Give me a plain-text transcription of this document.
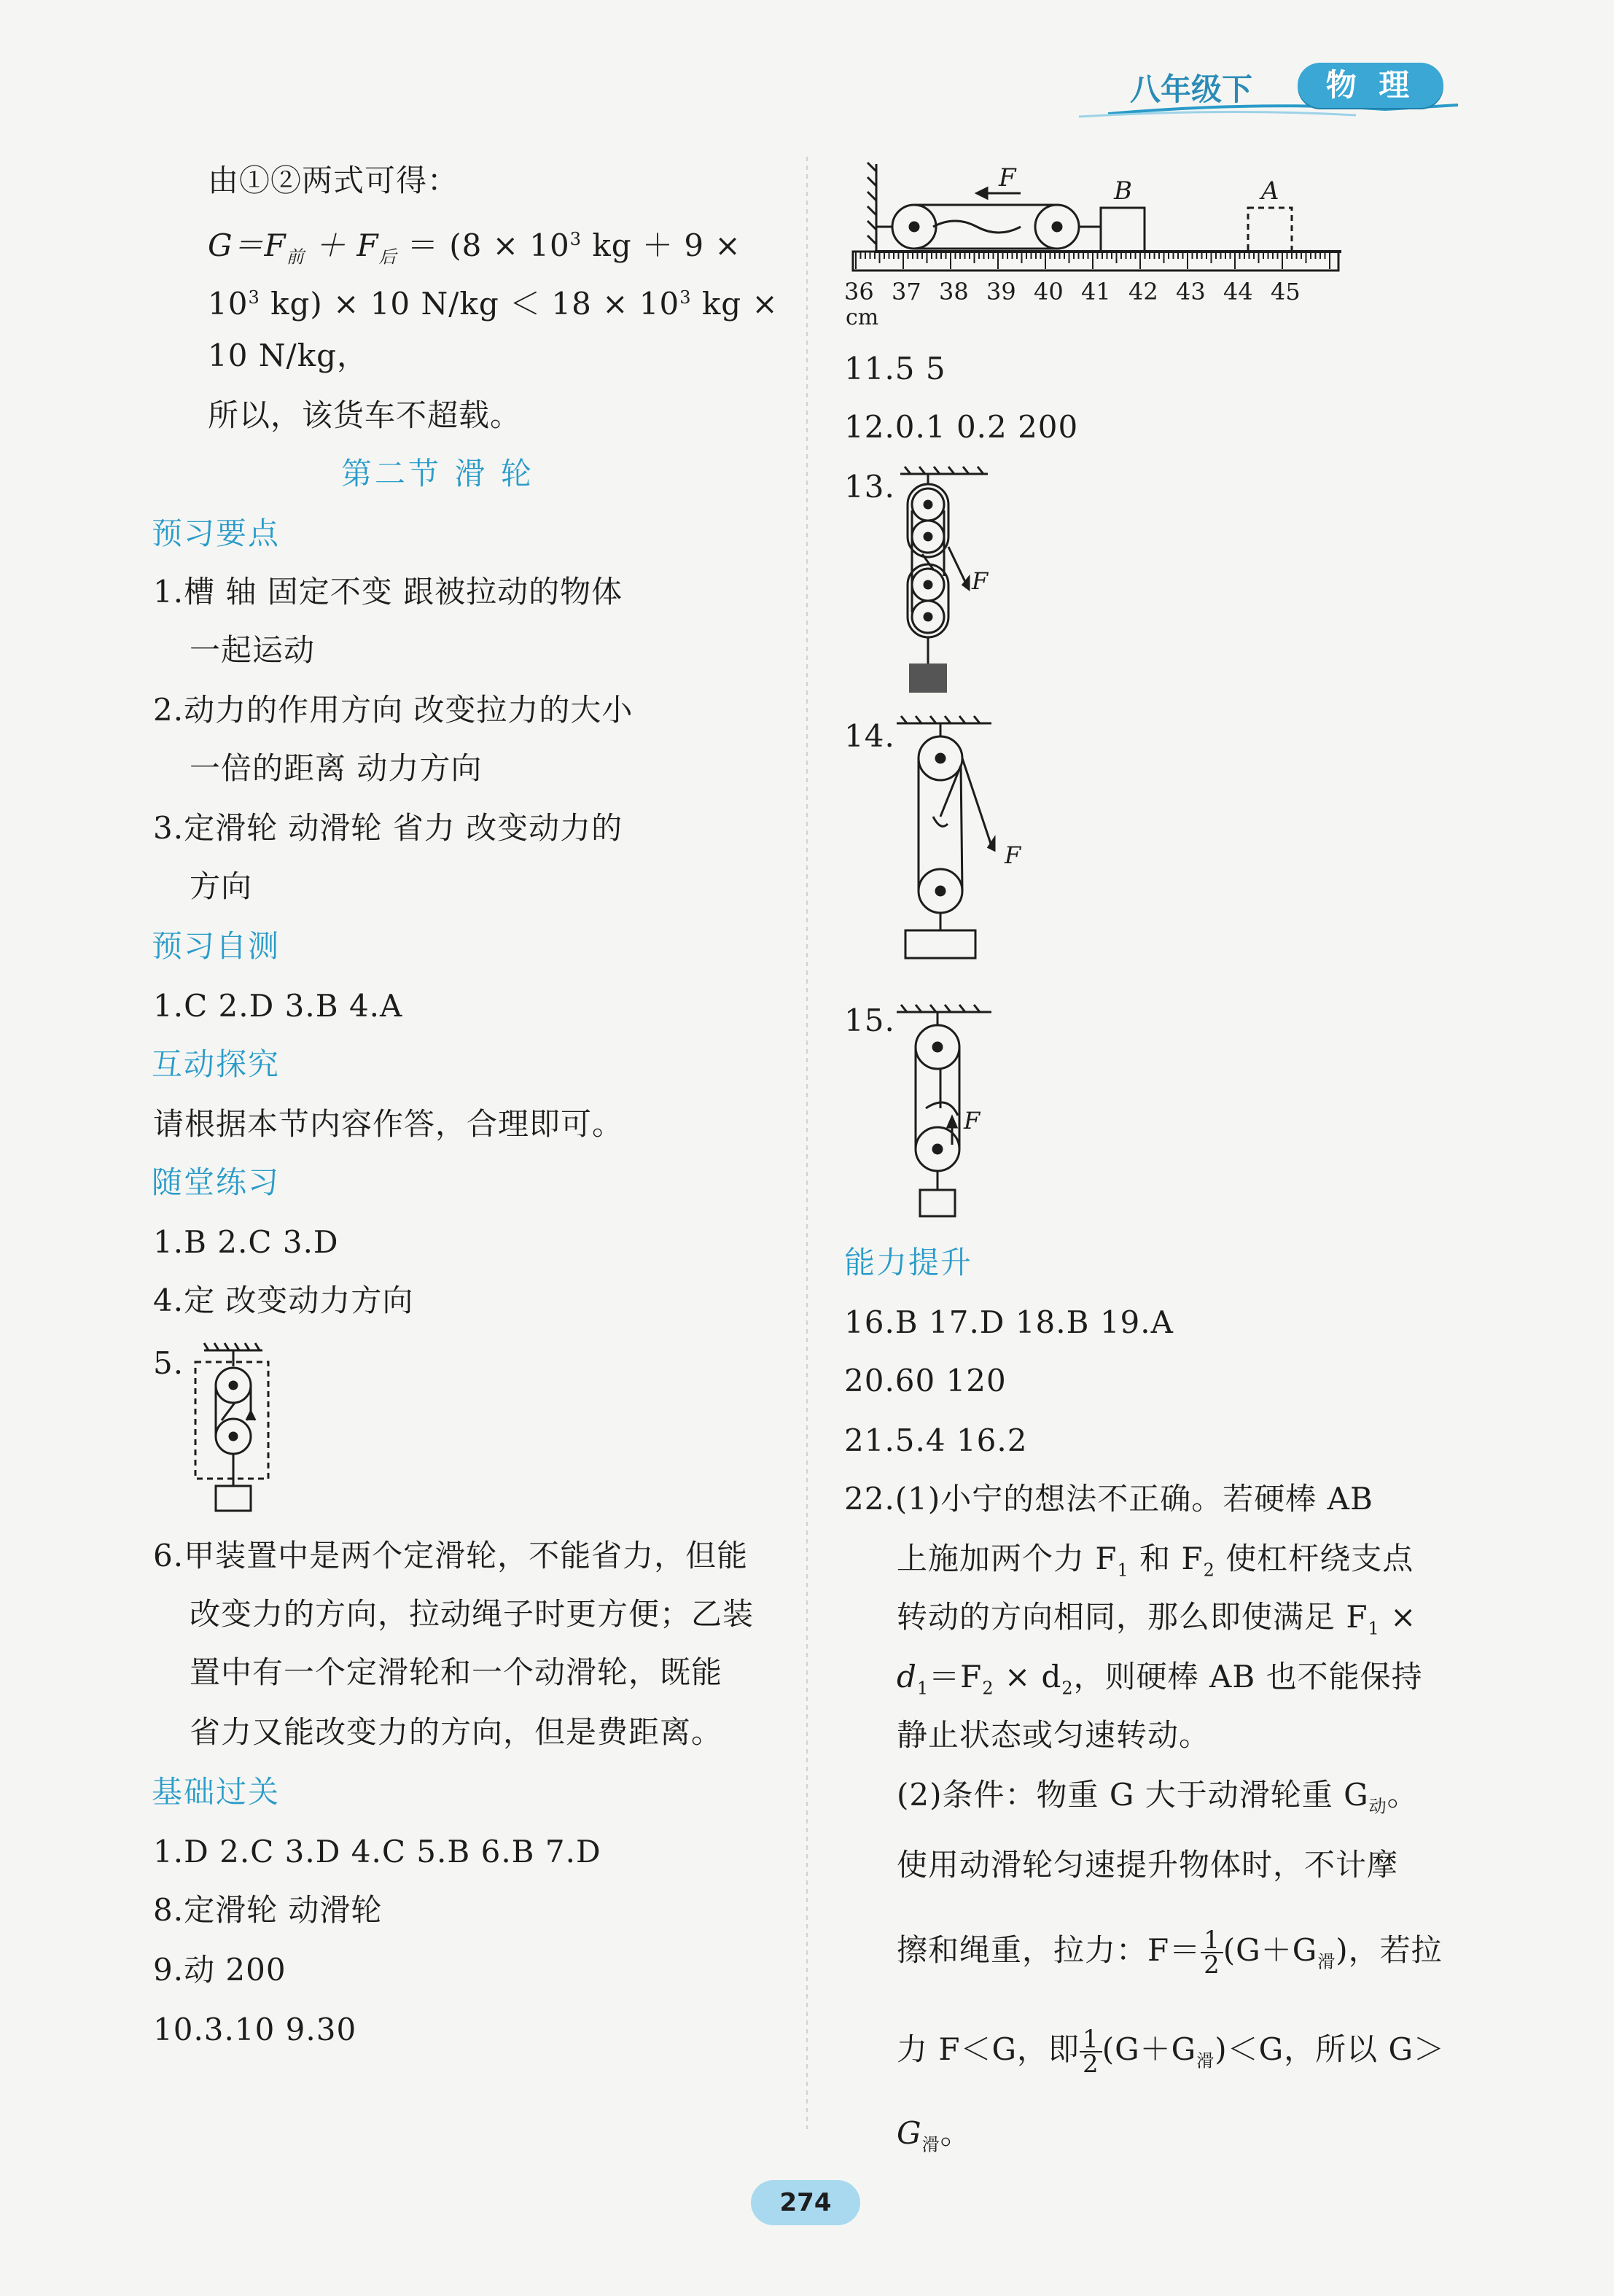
八年级下	物 理
由①②两式可得：
$G=F_前 + F_后 = (8 \times 10^3$ kg ＋ 9 ×
$10^3$ kg) × 10 $N/kg < 18 \times 10^3$ kg ×
10 N/kg，
所以，该货车不超载。
第二节 滑 轮
预习要点
1.槽 轴 固定不变 跟被拉动的物体
一起运动
2.动力的作用方向 改变拉力的大小
一倍的距离 动力方向
3.定滑轮 动滑轮 省力 改变动力的
方向
预习自测
1.C 2.D 3.B 4.A
互动探究
请根据本节内容作答，合理即可。
随堂练习
1.B 2.C 3.D
4.定 改变动力方向
5.
6.甲装置中是两个定滑轮，不能省力，但能
改变力的方向，拉动绳子时更方便；乙装
置中有一个定滑轮和一个动滑轮，既能
省力又能改变力的方向，但是费距离。
基础过关
1.D 2.C 3.D 4.C 5.B 6.B 7.D
8.定滑轮 动滑轮
9.动 200
10.3.10 9.30
F	B	A
36 37 38 39 40 41 42 43 44 45
cm
11.5 5
12.0.1 0.2 200
13.
F
14.
F
15.
F
能力提升
16.B 17.D 18.B 19.A
20.60 120
21.5.4 16.2
22.(1)小宁的想法不正确。若硬棒 AB
上施加两个力 $F_1$ 和 $F_2$ 使杠杆绕支点
转动的方向相同，那么即使满足 $F_1$ ×
$d_1=F_2 \times d_2$，则硬棒 AB 也不能保持
静止状态或匀速转动。
(2)条件：物重 G 大于动滑轮重 $G_动$。
使用动滑轮匀速提升物体时，不计摩
擦和绳重，拉力：$F= \frac{1}{2} (G+G_滑)$，若拉
力 F＜G，即 $\frac{1}{2} (G+G_滑)<G$，所以 G＞
$G_滑$。
274
